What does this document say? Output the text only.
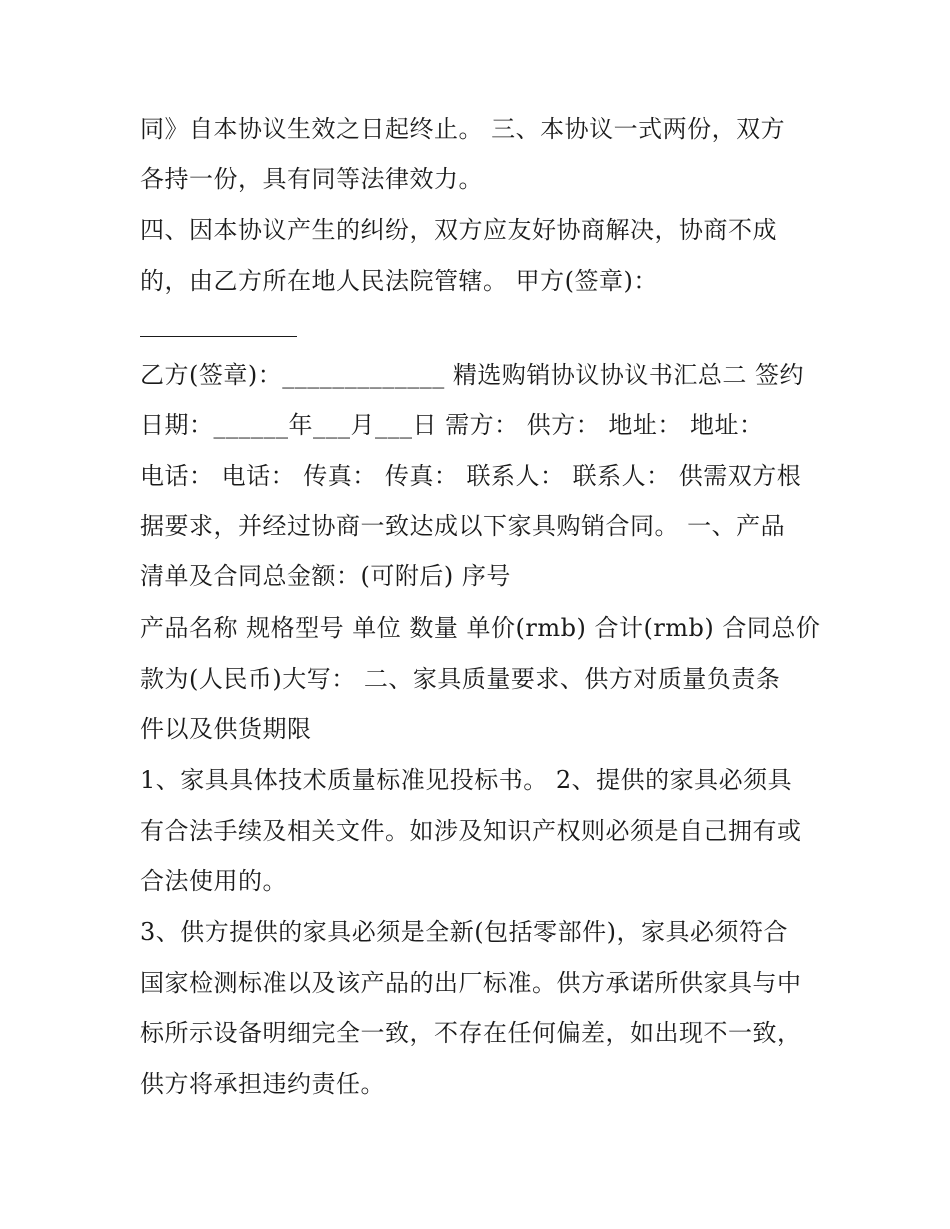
同》自本协议生效之日起终止。 三、本协议一式两份，双方
各持一份，具有同等法律效力。
四、因本协议产生的纠纷，双方应友好协商解决，协商不成
的，由乙方所在地人民法院管辖。 甲方(签章)：
乙方(签章)：_____________ 精选购销协议协议书汇总二 签约
日期：______年___月___日 需方： 供方： 地址： 地址：
电话： 电话： 传真： 传真： 联系人： 联系人： 供需双方根
据要求，并经过协商一致达成以下家具购销合同。 一、产品
清单及合同总金额：(可附后) 序号
产品名称 规格型号 单位 数量 单价(rmb) 合计(rmb) 合同总价
款为(人民币)大写： 二、家具质量要求、供方对质量负责条
件以及供货期限
1、家具具体技术质量标准见投标书。 2、提供的家具必须具
有合法手续及相关文件。如涉及知识产权则必须是自己拥有或
合法使用的。
3、供方提供的家具必须是全新(包括零部件)，家具必须符合
国家检测标准以及该产品的出厂标准。供方承诺所供家具与中
标所示设备明细完全一致，不存在任何偏差，如出现不一致，
供方将承担违约责任。
